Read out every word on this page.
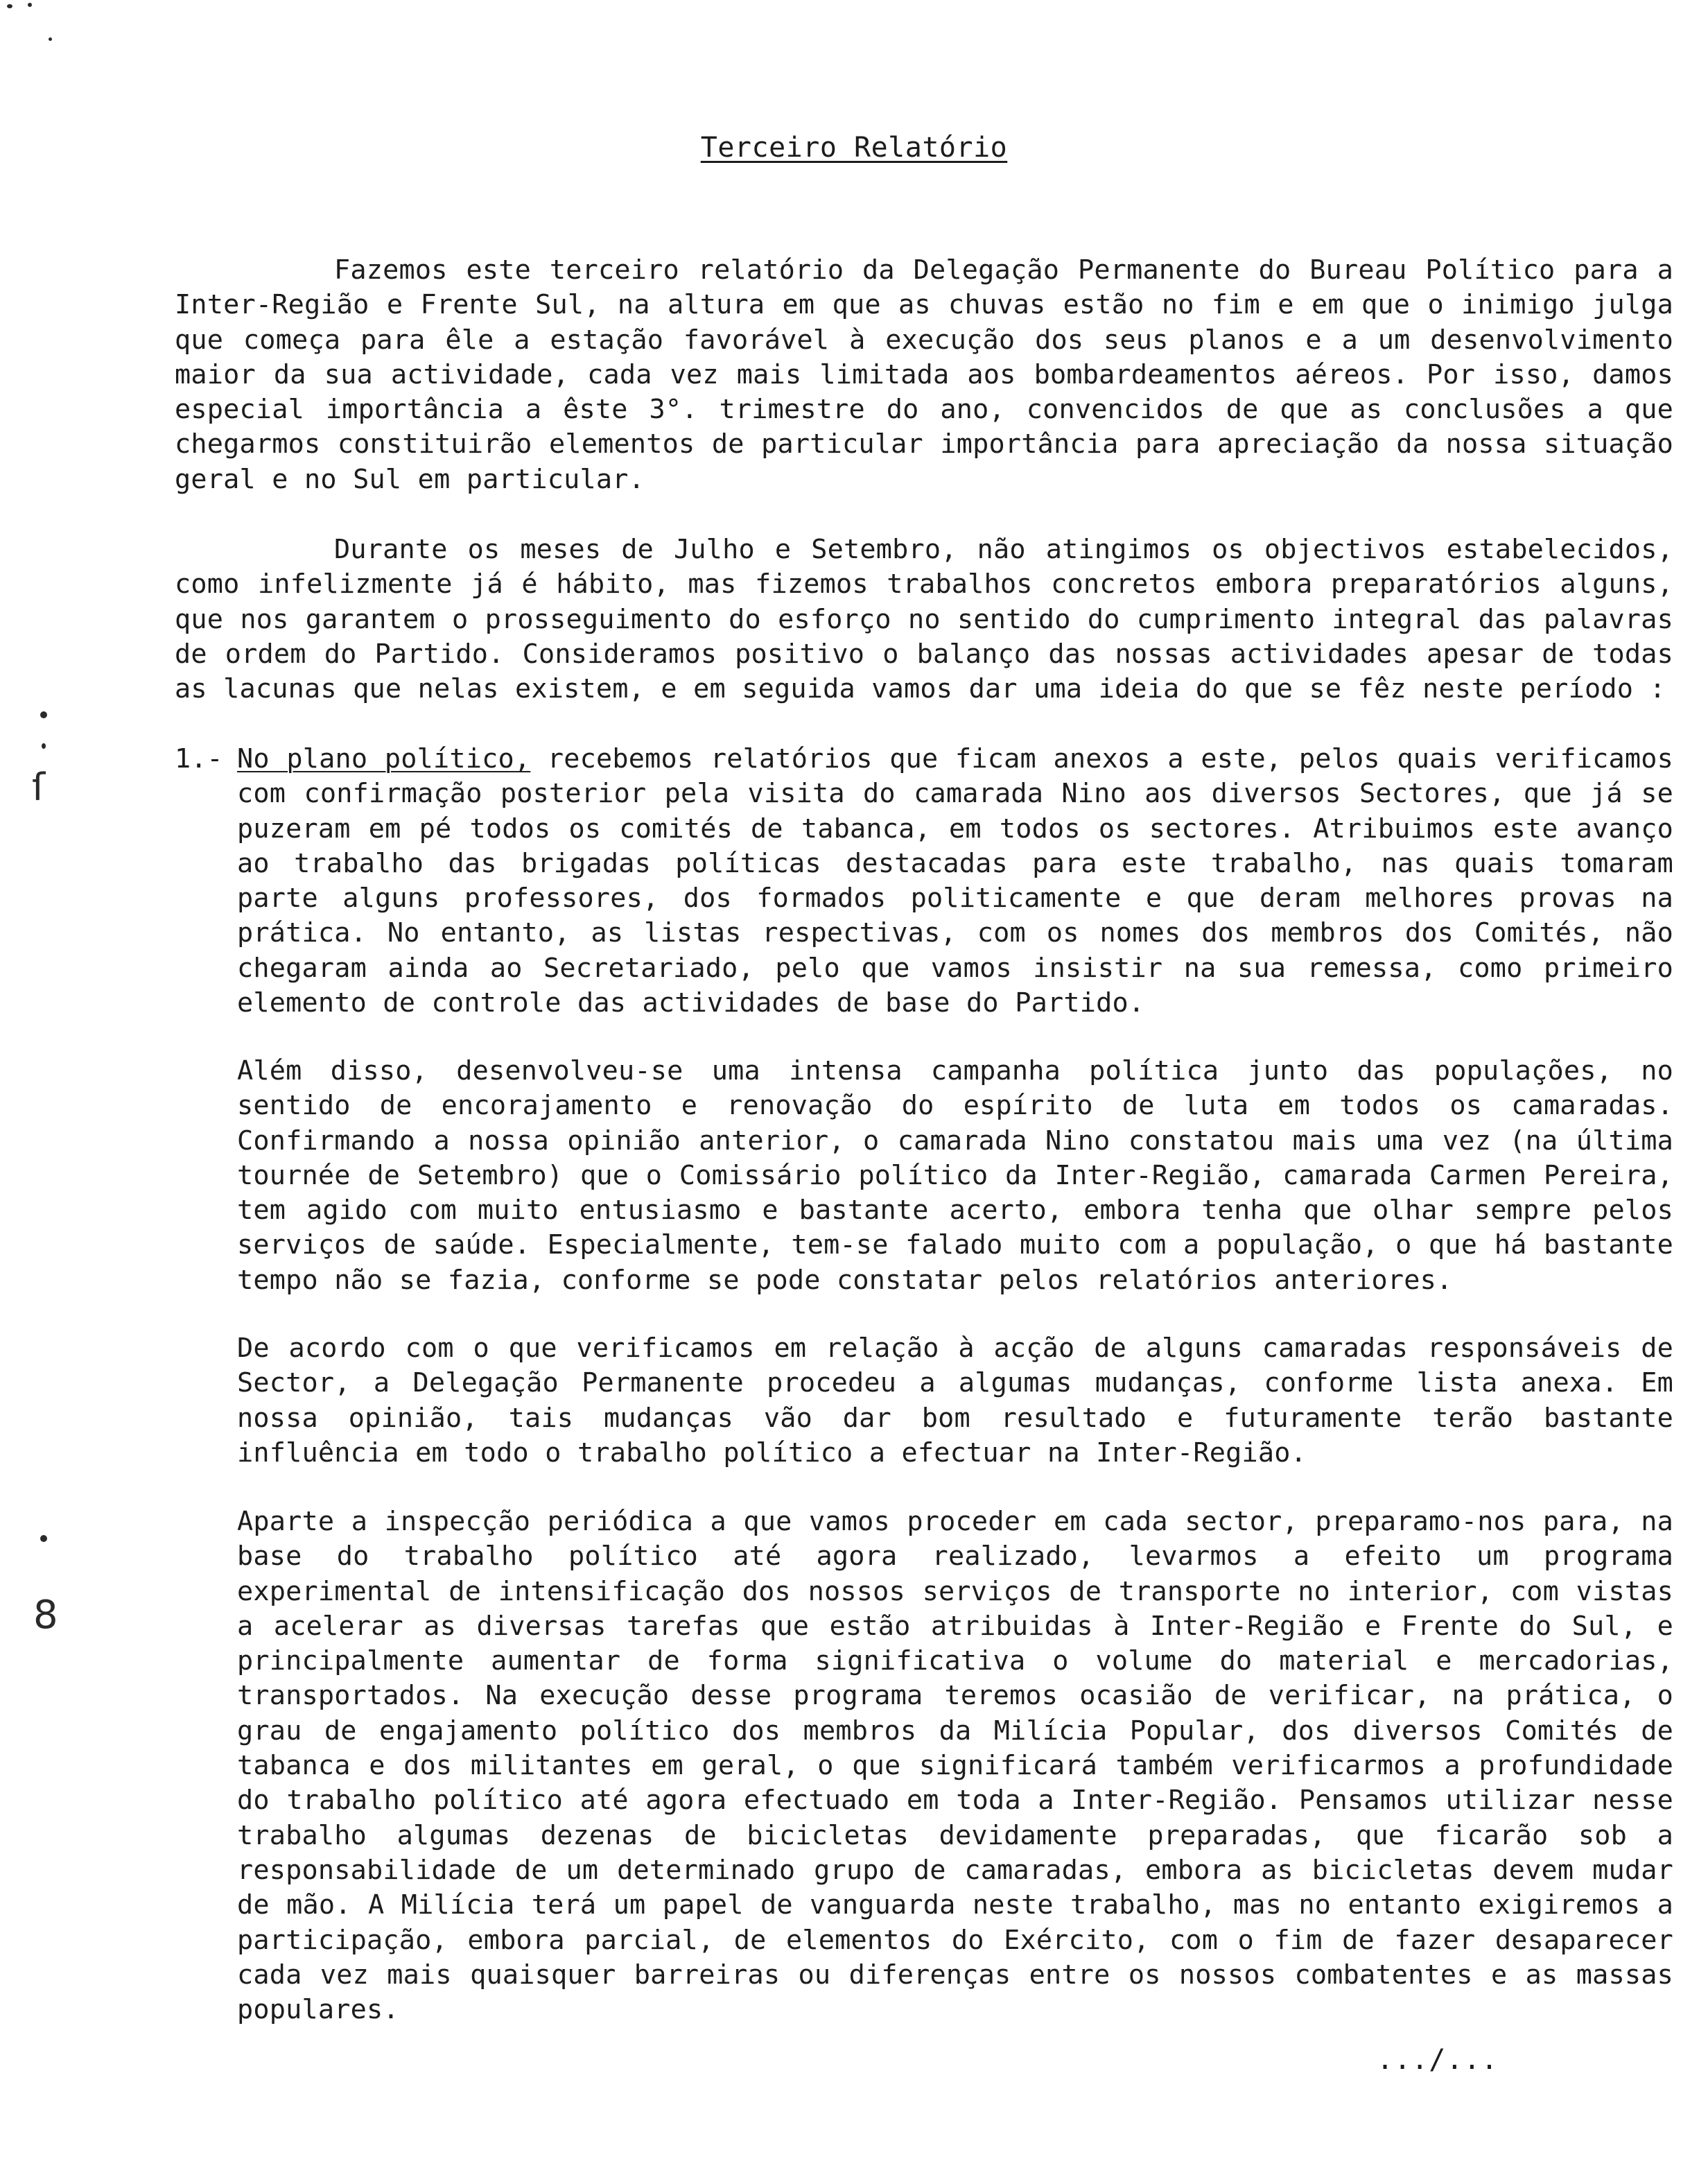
ſ
8
Terceiro Relatório

Fazemos este terceiro relatório da Delegação Permanente do Bureau Político para a Inter-Região e Frente Sul, na altura em que as chuvas estão no fim e em que o inimigo julga que começa para êle a estação favorável à execução dos seus planos e a um desenvolvimento maior da sua actividade, cada vez mais limitada aos bombardeamentos aéreos. Por isso, damos especial importância a êste 3°. trimestre do ano, convencidos de que as conclusões a que chegarmos constituirão elementos de particular importância para apreciação da nossa situação geral e no Sul em particular.

Durante os meses de Julho e Setembro, não atingimos os objectivos estabelecidos, como infelizmente já é hábito, mas fizemos trabalhos concretos embora preparatórios alguns, que nos garantem o prosseguimento do esforço no sentido do cumprimento integral das palavras de ordem do Partido. Consideramos positivo o balanço das nossas actividades apesar de todas as lacunas que nelas existem, e em seguida vamos dar uma ideia do que se fêz neste período :

1.- No plano político, recebemos relatórios que ficam anexos a este, pelos quais verificamos com confirmação posterior pela visita do camarada Nino aos diversos Sectores, que já se puzeram em pé todos os comités de tabanca, em todos os sectores. Atribuimos este avanço ao trabalho das brigadas políticas destacadas para este trabalho, nas quais tomaram parte alguns professores, dos formados politicamente e que deram melhores provas na prática. No entanto, as listas respectivas, com os nomes dos membros dos Comités, não chegaram ainda ao Secretariado, pelo que vamos insistir na sua remessa, como primeiro elemento de controle das actividades de base do Partido.

Além disso, desenvolveu-se uma intensa campanha política junto das populações, no sentido de encorajamento e renovação do espírito de luta em todos os camaradas. Confirmando a nossa opinião anterior, o camarada Nino constatou mais uma vez (na última tournée de Setembro) que o Comissário político da Inter-Região, camarada Carmen Pereira, tem agido com muito entusiasmo e bastante acerto, embora tenha que olhar sempre pelos serviços de saúde. Especialmente, tem-se falado muito com a população, o que há bastante tempo não se fazia, conforme se pode constatar pelos relatórios anteriores.

De acordo com o que verificamos em relação à acção de alguns camaradas responsáveis de Sector, a Delegação Permanente procedeu a algumas mudanças, conforme lista anexa. Em nossa opinião, tais mudanças vão dar bom resultado e futuramente terão bastante influência em todo o trabalho político a efectuar na Inter-Região.

Aparte a inspecção periódica a que vamos proceder em cada sector, preparamo-nos para, na base do trabalho político até agora realizado, levarmos a efeito um programa experimental de intensificação dos nossos serviços de transporte no interior, com vistas a acelerar as diversas tarefas que estão atribuidas à Inter-Região e Frente do Sul, e principalmente aumentar de forma significativa o volume do material e mercadorias, transportados. Na execução desse programa teremos ocasião de verificar, na prática, o grau de engajamento político dos membros da Milícia Popular, dos diversos Comités de tabanca e dos militantes em geral, o que significará também verificarmos a profundidade do trabalho político até agora efectuado em toda a Inter-Região. Pensamos utilizar nesse trabalho algumas dezenas de bicicletas devidamente preparadas, que ficarão sob a responsabilidade de um determinado grupo de camaradas, embora as bicicletas devem mudar de mão. A Milícia terá um papel de vanguarda neste trabalho, mas no entanto exigiremos a participação, embora parcial, de elementos do Exército, com o fim de fazer desaparecer cada vez mais quaisquer barreiras ou diferenças entre os nossos combatentes e as massas populares.

.../...
